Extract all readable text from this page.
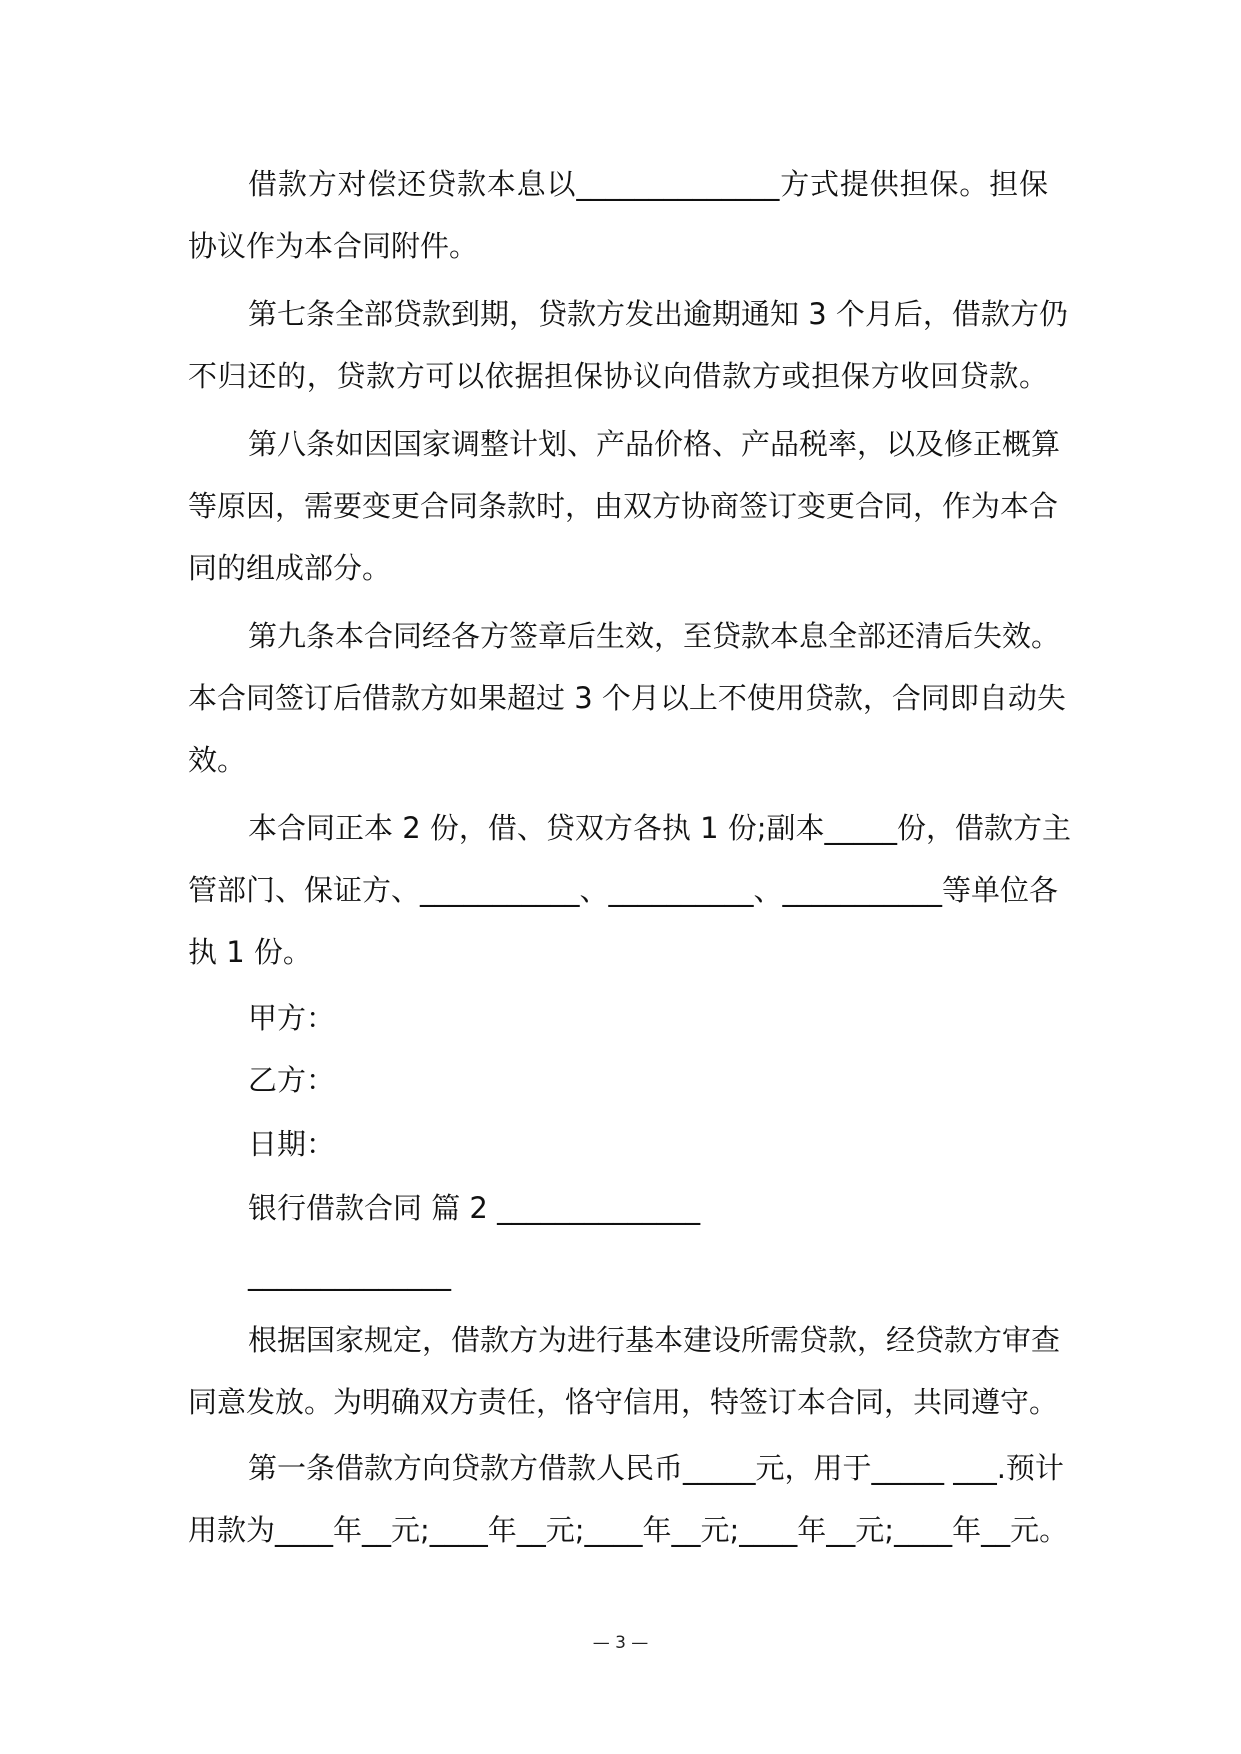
借款方对偿还贷款本息以______________方式提供担保。担保

协议作为本合同附件。

第七条全部贷款到期，贷款方发出逾期通知 3 个月后，借款方仍

不归还的，贷款方可以依据担保协议向借款方或担保方收回贷款。

第八条如因国家调整计划、产品价格、产品税率，以及修正概算

等原因，需要变更合同条款时，由双方协商签订变更合同，作为本合

同的组成部分。

第九条本合同经各方签章后生效，至贷款本息全部还清后失效。

本合同签订后借款方如果超过 3 个月以上不使用贷款，合同即自动失

效。

本合同正本 2 份，借、贷双方各执 1 份;副本_____份，借款方主

管部门、保证方、___________、__________、___________等单位各

执 1 份。

甲方：

乙方：

日期：

银行借款合同 篇 2 ______________

______________

根据国家规定，借款方为进行基本建设所需贷款，经贷款方审查

同意发放。为明确双方责任，恪守信用，特签订本合同，共同遵守。

第一条借款方向贷款方借款人民币_____元，用于_____ ___.预计

用款为____年__元;____年__元;____年__元;____年__元;____年__元。

— 3 —
